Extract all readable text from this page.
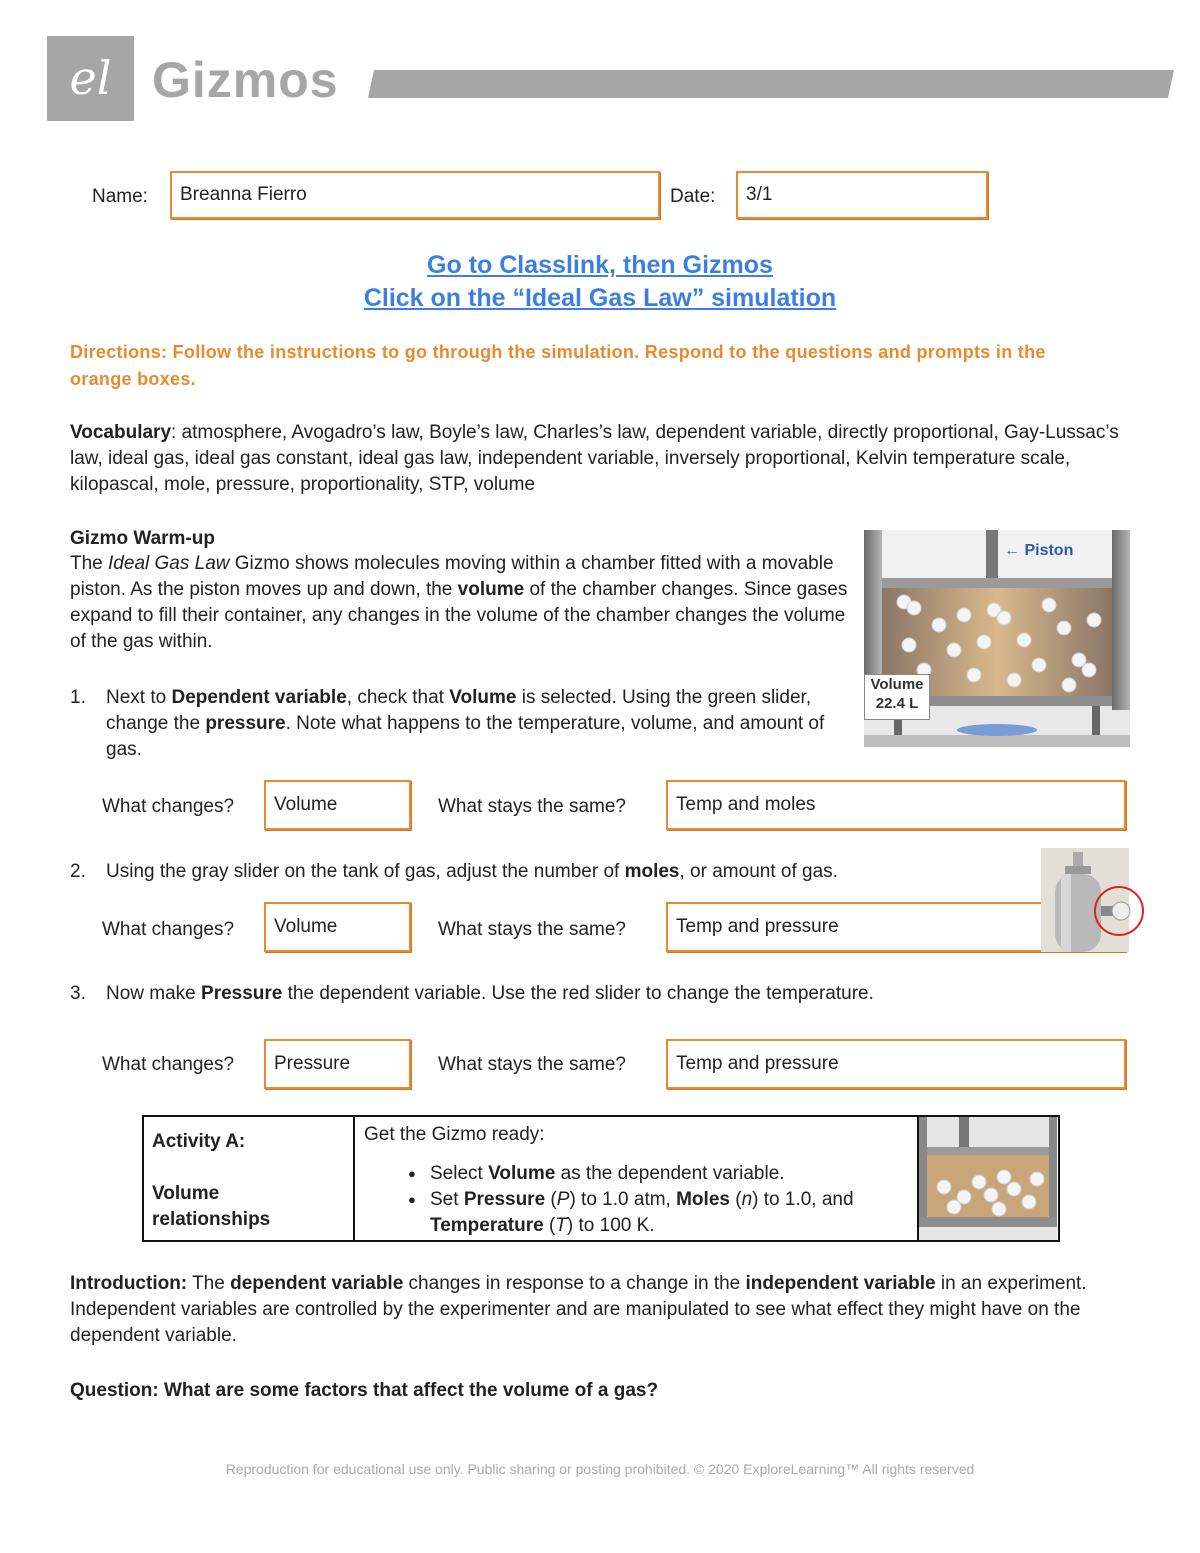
el Gizmos
Name:	Breanna Fierro	Date:	3/1
Go to Classlink, then Gizmos
Click on the “Ideal Gas Law” simulation
Directions: Follow the instructions to go through the simulation. Respond to the questions and prompts in the orange boxes.
Vocabulary: atmosphere, Avogadro’s law, Boyle’s law, Charles’s law, dependent variable, directly proportional, Gay-Lussac’s law, ideal gas, ideal gas constant, ideal gas law, independent variable, inversely proportional, Kelvin temperature scale, kilopascal, mole, pressure, proportionality, STP, volume
Gizmo Warm-up
The Ideal Gas Law Gizmo shows molecules moving within a chamber fitted with a movable piston. As the piston moves up and down, the volume of the chamber changes. Since gases expand to fill their container, any changes in the volume of the chamber changes the volume of the gas within.
← Piston
Volume
22.4 L
1. Next to Dependent variable, check that Volume is selected. Using the green slider, change the pressure. Note what happens to the temperature, volume, and amount of gas.
What changes?	Volume	What stays the same?	Temp and moles
2. Using the gray slider on the tank of gas, adjust the number of moles, or amount of gas.
What changes?	Volume	What stays the same?	Temp and pressure
3. Now make Pressure the dependent variable. Use the red slider to change the temperature.
What changes?	Pressure	What stays the same?	Temp and pressure
Activity A:
Volume relationships
Get the Gizmo ready:
● Select Volume as the dependent variable.
● Set Pressure (P) to 1.0 atm, Moles (n) to 1.0, and Temperature (T) to 100 K.
Introduction: The dependent variable changes in response to a change in the independent variable in an experiment. Independent variables are controlled by the experimenter and are manipulated to see what effect they might have on the dependent variable.
Question: What are some factors that affect the volume of a gas?
Reproduction for educational use only. Public sharing or posting prohibited. © 2020 ExploreLearning™ All rights reserved
